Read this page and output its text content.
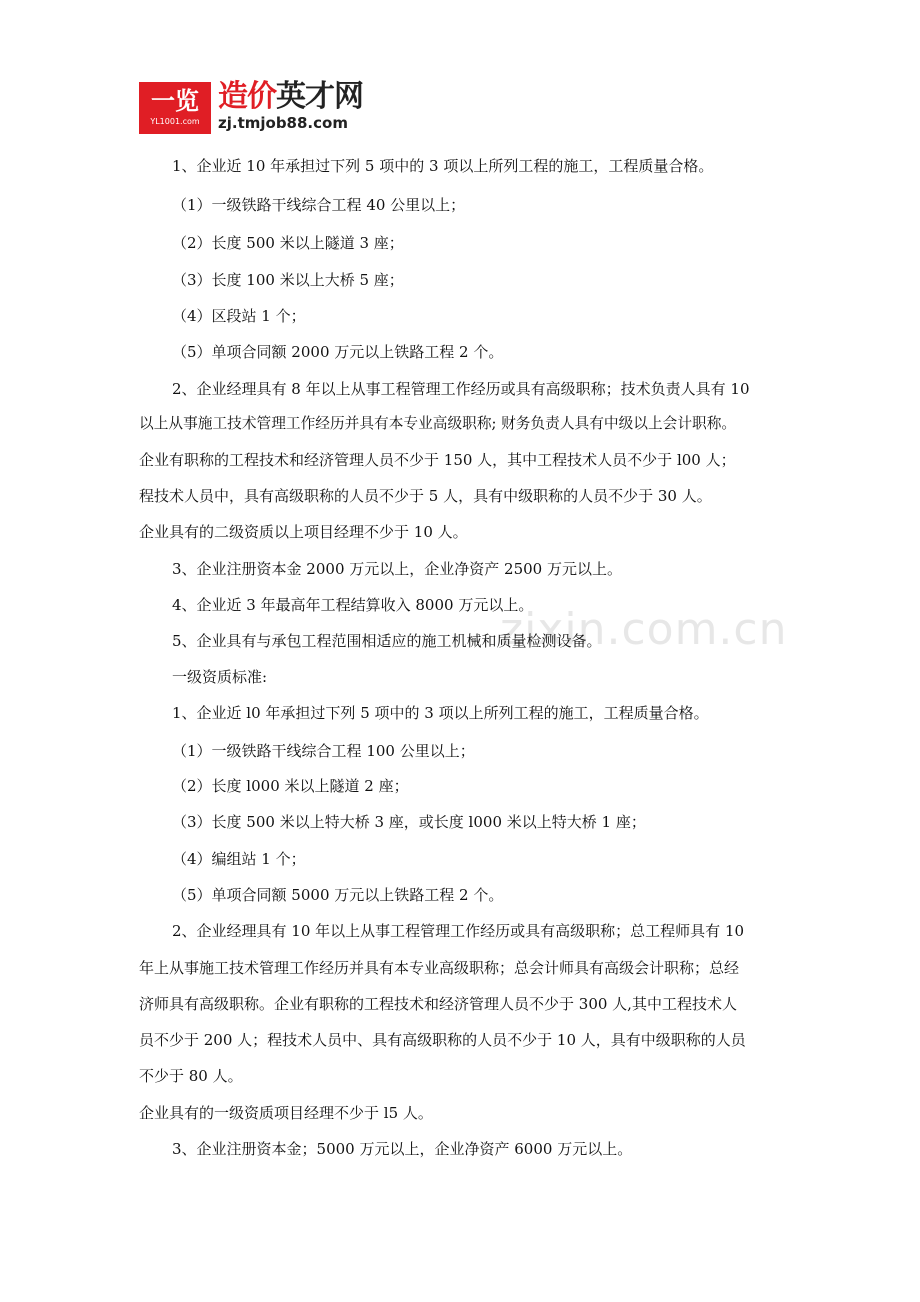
一览
YL1001.com
造价英才网
zj.tmjob88.com
zixin.com.cn
1、企业近 10 年承担过下列 5 项中的 3 项以上所列工程的施工，工程质量合格。
（1）一级铁路干线综合工程 40 公里以上；
（2）长度 500 米以上隧道 3 座；
（3）长度 100 米以上大桥 5 座；
（4）区段站 1 个；
（5）单项合同额 2000 万元以上铁路工程 2 个。
2、企业经理具有 8 年以上从事工程管理工作经历或具有高级职称；技术负责人具有 10
以上从事施工技术管理工作经历并具有本专业高级职称; 财务负责人具有中级以上会计职称。
企业有职称的工程技术和经济管理人员不少于 150 人，其中工程技术人员不少于 l00 人；
程技术人员中，具有高级职称的人员不少于 5 人，具有中级职称的人员不少于 30 人。
企业具有的二级资质以上项目经理不少于 10 人。
3、企业注册资本金 2000 万元以上，企业净资产 2500 万元以上。
4、企业近 3 年最高年工程结算收入 8000 万元以上。
5、企业具有与承包工程范围相适应的施工机械和质量检测设备。
一级资质标准:
1、企业近 l0 年承担过下列 5 项中的 3 项以上所列工程的施工，工程质量合格。
（1）一级铁路干线综合工程 100 公里以上；
（2）长度 l000 米以上隧道 2 座；
（3）长度 500 米以上特大桥 3 座，或长度 l000 米以上特大桥 1 座；
（4）编组站 1 个；
（5）单项合同额 5000 万元以上铁路工程 2 个。
2、企业经理具有 10 年以上从事工程管理工作经历或具有高级职称；总工程师具有 10
年上从事施工技术管理工作经历并具有本专业高级职称；总会计师具有高级会计职称；总经
济师具有高级职称。企业有职称的工程技术和经济管理人员不少于 300 人,其中工程技术人
员不少于 200 人；程技术人员中、具有高级职称的人员不少于 10 人，具有中级职称的人员
不少于 80 人。
企业具有的一级资质项目经理不少于 l5 人。
3、企业注册资本金；5000 万元以上，企业净资产 6000 万元以上。
